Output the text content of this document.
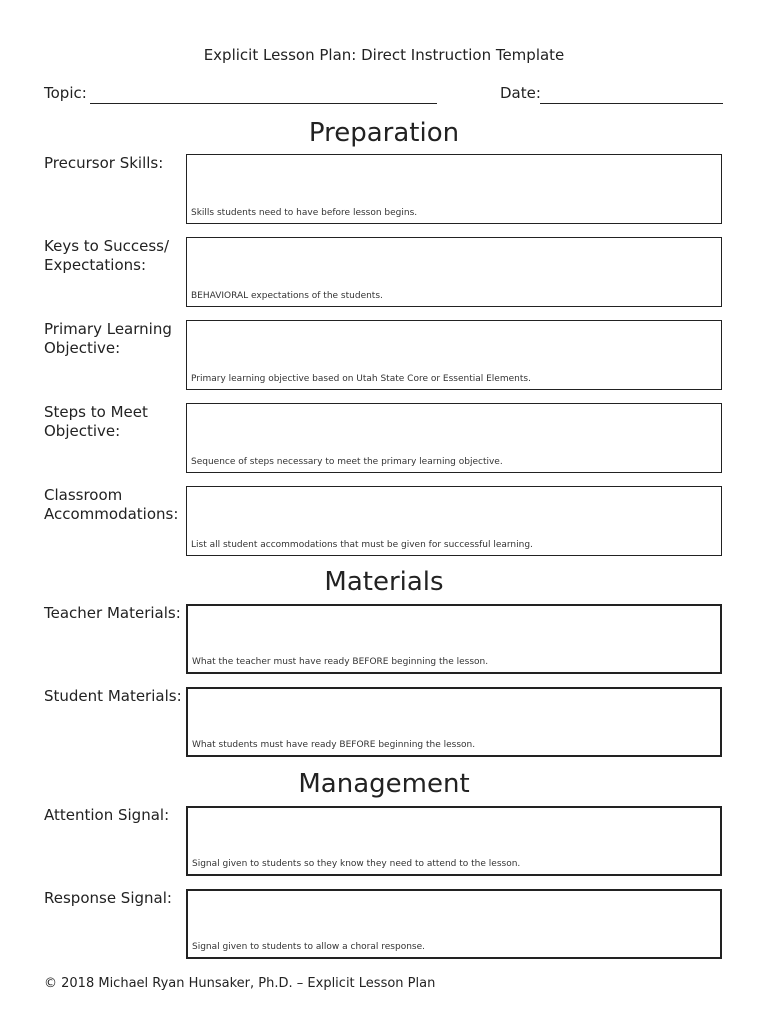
Explicit Lesson Plan: Direct Instruction Template
Topic:	Date:
Preparation
Precursor Skills:
Skills students need to have before lesson begins.
Keys to Success/
Expectations:
BEHAVIORAL expectations of the students.
Primary Learning
Objective:
Primary learning objective based on Utah State Core or Essential Elements.
Steps to Meet
Objective:
Sequence of steps necessary to meet the primary learning objective.
Classroom
Accommodations:
List all student accommodations that must be given for successful learning.
Materials
Teacher Materials:
What the teacher must have ready BEFORE beginning the lesson.
Student Materials:
What students must have ready BEFORE beginning the lesson.
Management
Attention Signal:
Signal given to students so they know they need to attend to the lesson.
Response Signal:
Signal given to students to allow a choral response.
© 2018 Michael Ryan Hunsaker, Ph.D. – Explicit Lesson Plan
